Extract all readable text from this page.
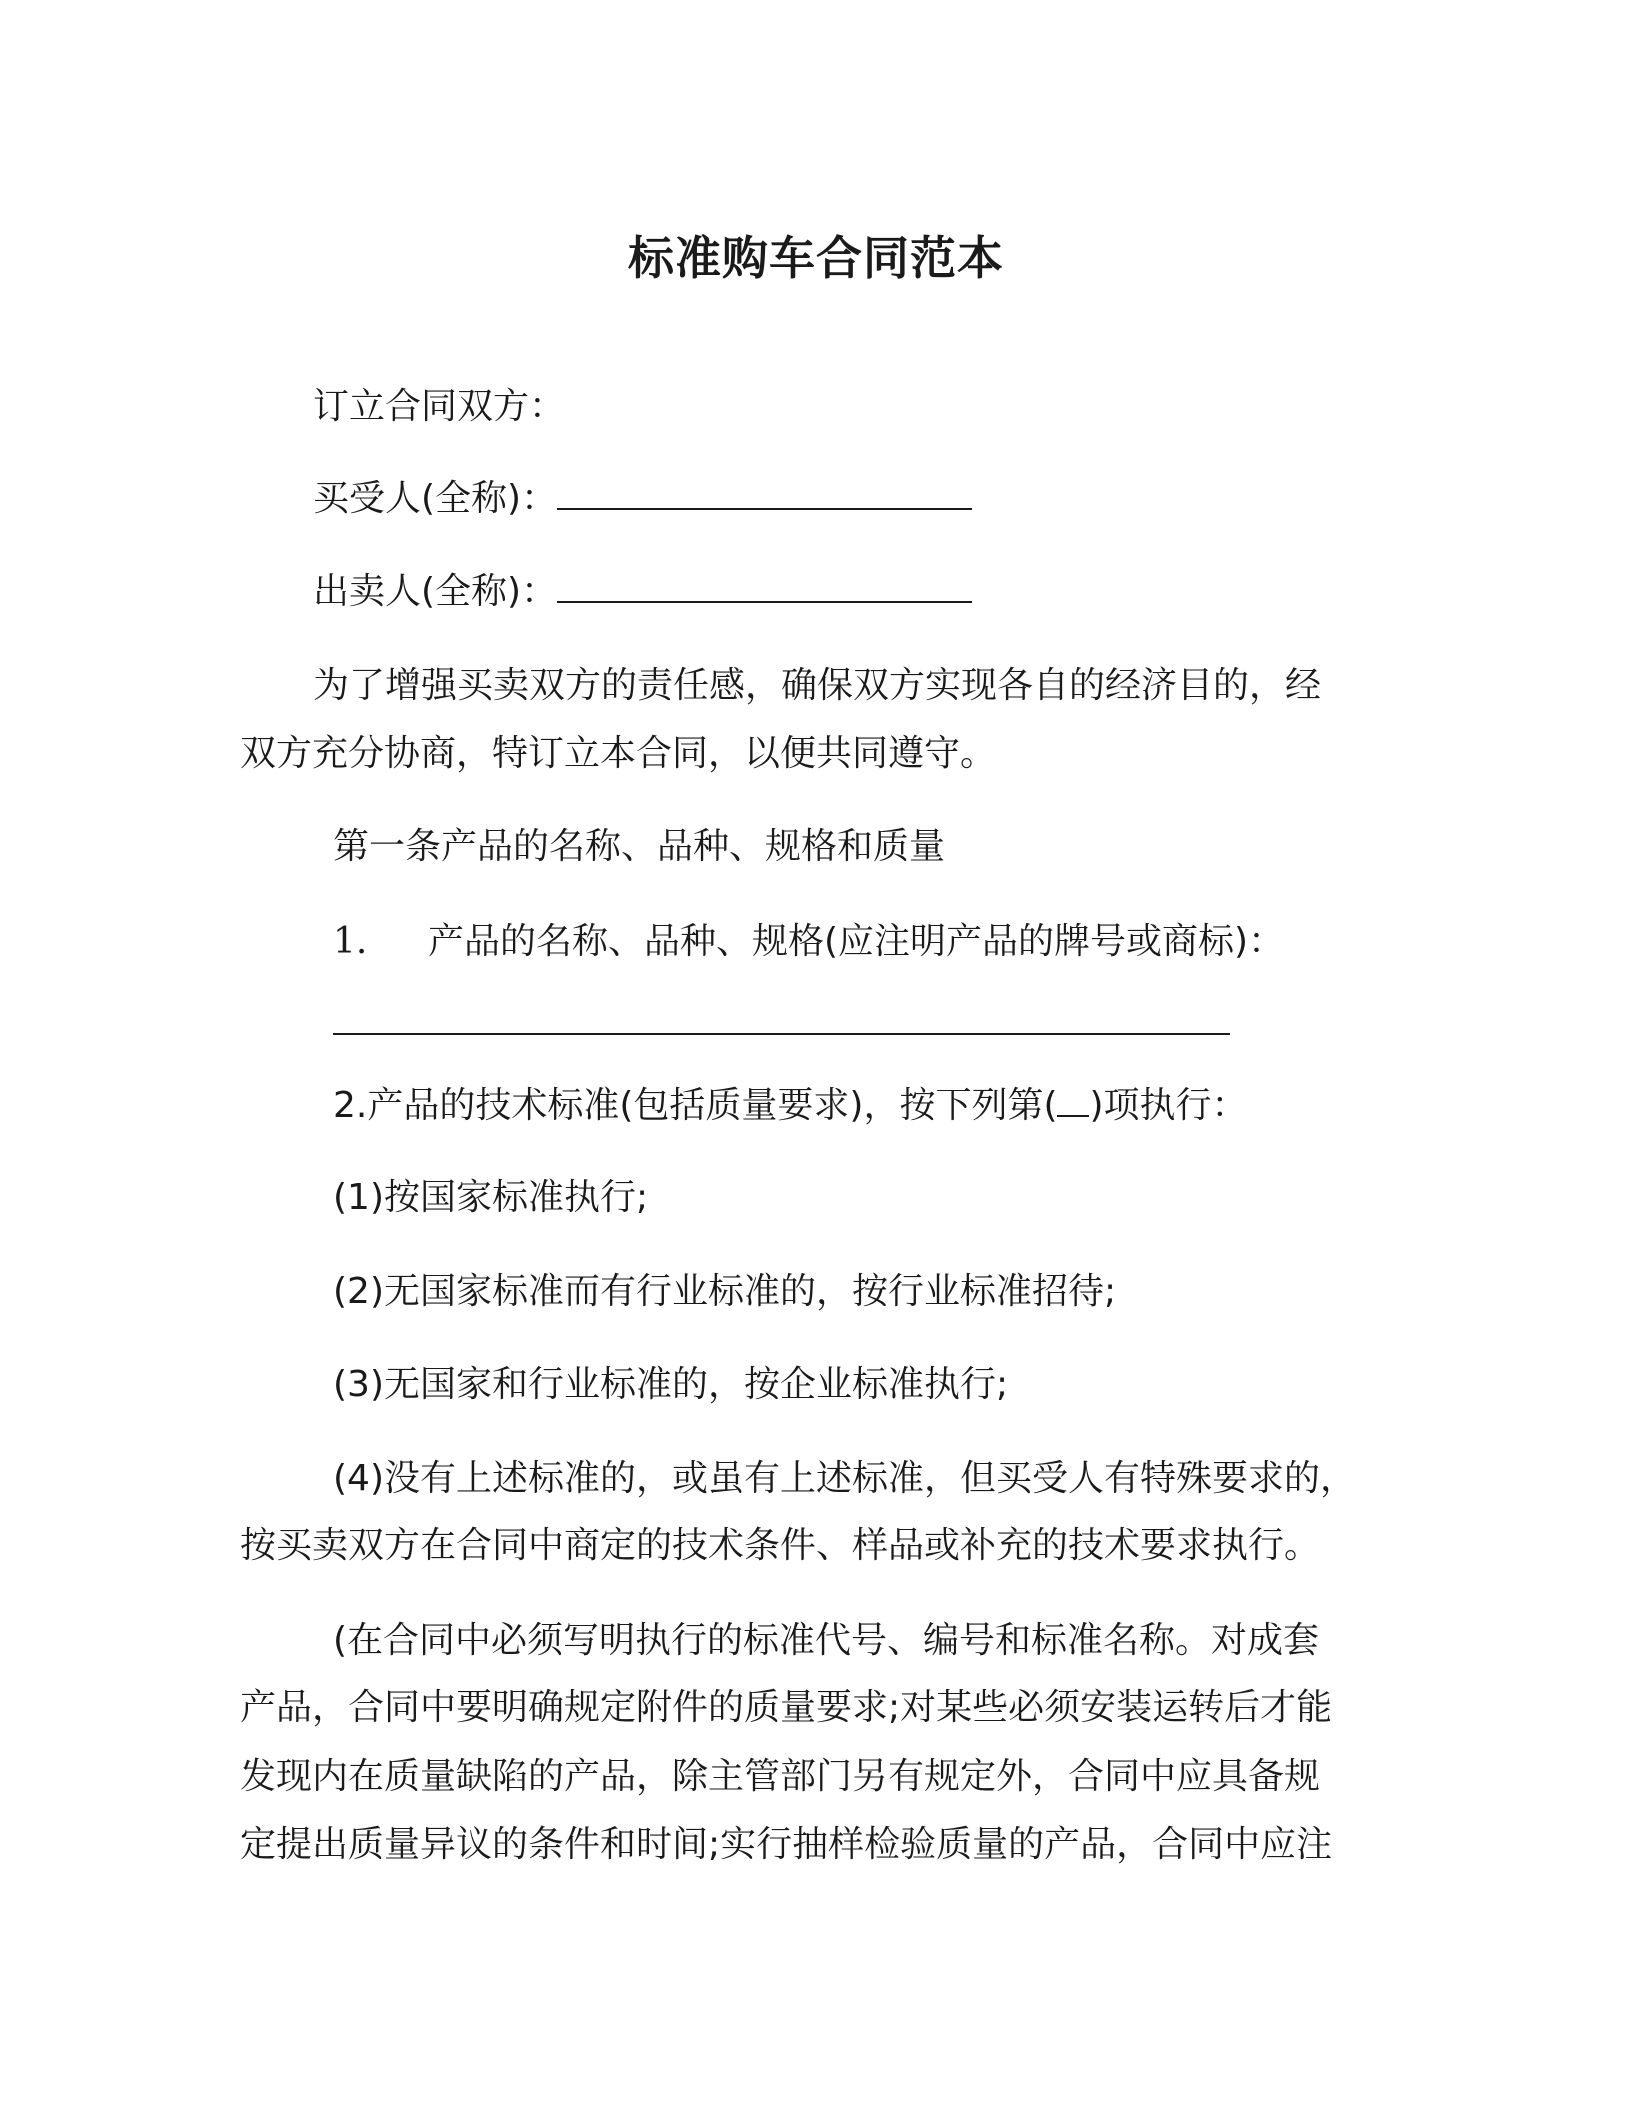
标准购车合同范本
订立合同双方：
买受人(全称)：
出卖人(全称)：
为了增强买卖双方的责任感，确保双方实现各自的经济目的，经
双方充分协商，特订立本合同，以便共同遵守。
第一条产品的名称、品种、规格和质量
1. 产品的名称、品种、规格(应注明产品的牌号或商标)：
2.产品的技术标准(包括质量要求)，按下列第( )项执行：
(1)按国家标准执行;
(2)无国家标准而有行业标准的，按行业标准招待;
(3)无国家和行业标准的，按企业标准执行;
(4)没有上述标准的，或虽有上述标准，但买受人有特殊要求的，
按买卖双方在合同中商定的技术条件、样品或补充的技术要求执行。
(在合同中必须写明执行的标准代号、编号和标准名称。对成套
产品，合同中要明确规定附件的质量要求;对某些必须安装运转后才能
发现内在质量缺陷的产品，除主管部门另有规定外，合同中应具备规
定提出质量异议的条件和时间;实行抽样检验质量的产品，合同中应注
